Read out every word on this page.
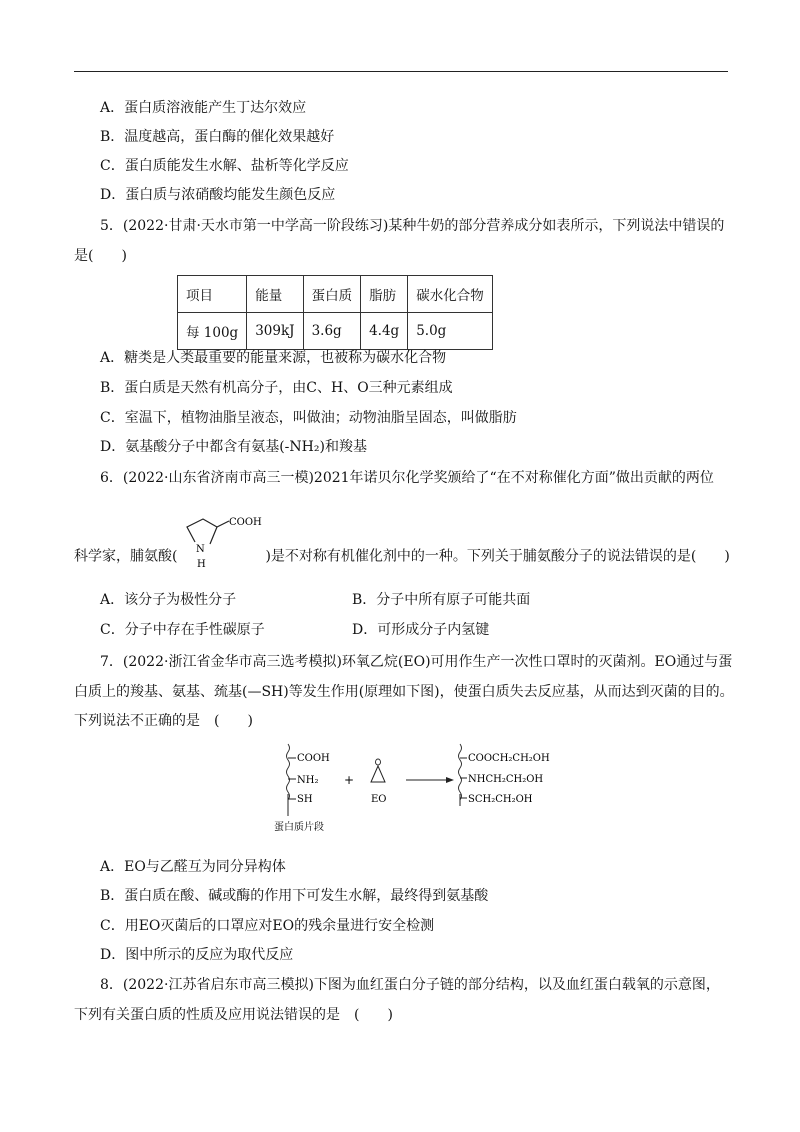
A．蛋白质溶液能产生丁达尔效应
B．温度越高，蛋白酶的催化效果越好
C．蛋白质能发生水解、盐析等化学反应
D．蛋白质与浓硝酸均能发生颜色反应
5．(2022·甘肃·天水市第一中学高一阶段练习)某种牛奶的部分营养成分如表所示，下列说法中错误的
是(　　)
项目	能量	蛋白质	脂肪	碳水化合物
每 100g	309kJ	3.6g	4.4g	5.0g
A．糖类是人类最重要的能量来源，也被称为碳水化合物
B．蛋白质是天然有机高分子，由C、H、O三种元素组成
C．室温下，植物油脂呈液态，叫做油；动物油脂呈固态，叫做脂肪
D．氨基酸分子中都含有氨基(-NH₂)和羧基
6．(2022·山东省济南市高三一模)2021年诺贝尔化学奖颁给了“在不对称催化方面”做出贡献的两位
科学家，脯氨酸(
COOH
N
H	)是不对称有机催化剂中的一种。下列关于脯氨酸分子的说法错误的是(　　)
A．该分子为极性分子	B．分子中所有原子可能共面
C．分子中存在手性碳原子	D．可形成分子内氢键
7．(2022·浙江省金华市高三选考模拟)环氧乙烷(EO)可用作生产一次性口罩时的灭菌剂。EO通过与蛋
白质上的羧基、氨基、巯基(—SH)等发生作用(原理如下图)，使蛋白质失去反应基，从而达到灭菌的目的。
下列说法不正确的是　(　　)
COOH
NH₂
SH
蛋白质片段
+
EO
COOCH₂CH₂OH
NHCH₂CH₂OH
SCH₂CH₂OH
A．EO与乙醛互为同分异构体
B．蛋白质在酸、碱或酶的作用下可发生水解，最终得到氨基酸
C．用EO灭菌后的口罩应对EO的残余量进行安全检测
D．图中所示的反应为取代反应
8．(2022·江苏省启东市高三模拟)下图为血红蛋白分子链的部分结构，以及血红蛋白载氧的示意图，
下列有关蛋白质的性质及应用说法错误的是　(　　)
